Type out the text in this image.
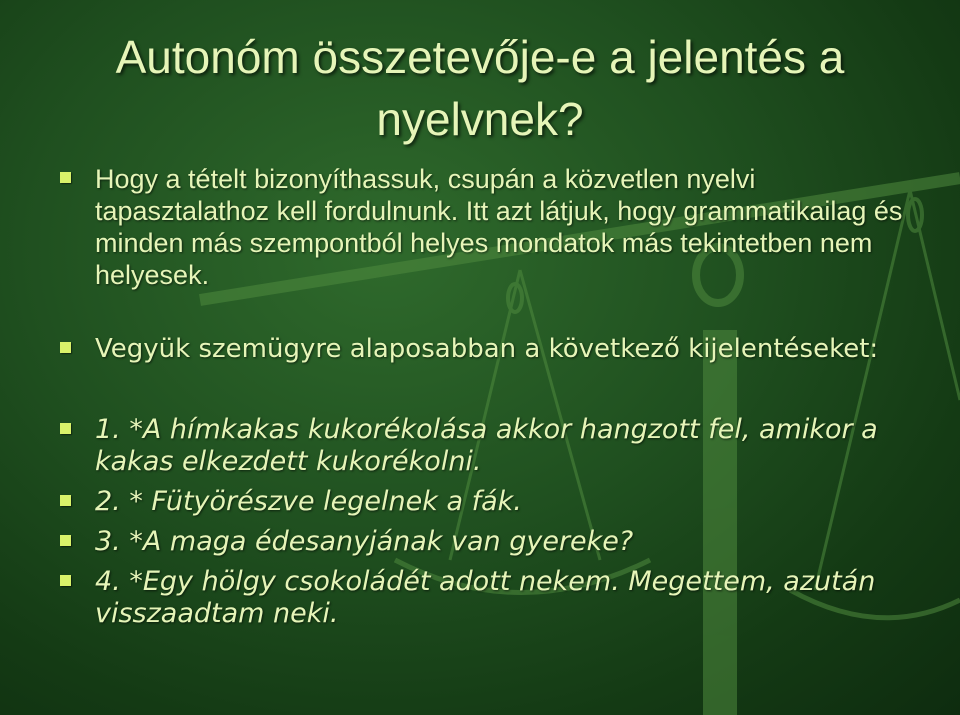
Autonóm összetevője-e a jelentés a nyelvnek?
Hogy a tételt bizonyíthassuk, csupán a közvetlen nyelvi tapasztalathoz kell fordulnunk. Itt azt látjuk, hogy grammatikailag és minden más szempontból helyes mondatok más tekintetben nem helyesek.
Vegyük szemügyre alaposabban a következő kijelentéseket:
1. *A hímkakas kukorékolása akkor hangzott fel, amikor a kakas elkezdett kukorékolni.
2. * Fütyörészve legelnek a fák.
3. *A maga édesanyjának van gyereke?
4. *Egy hölgy csokoládét adott nekem. Megettem, azután visszaadtam neki.
